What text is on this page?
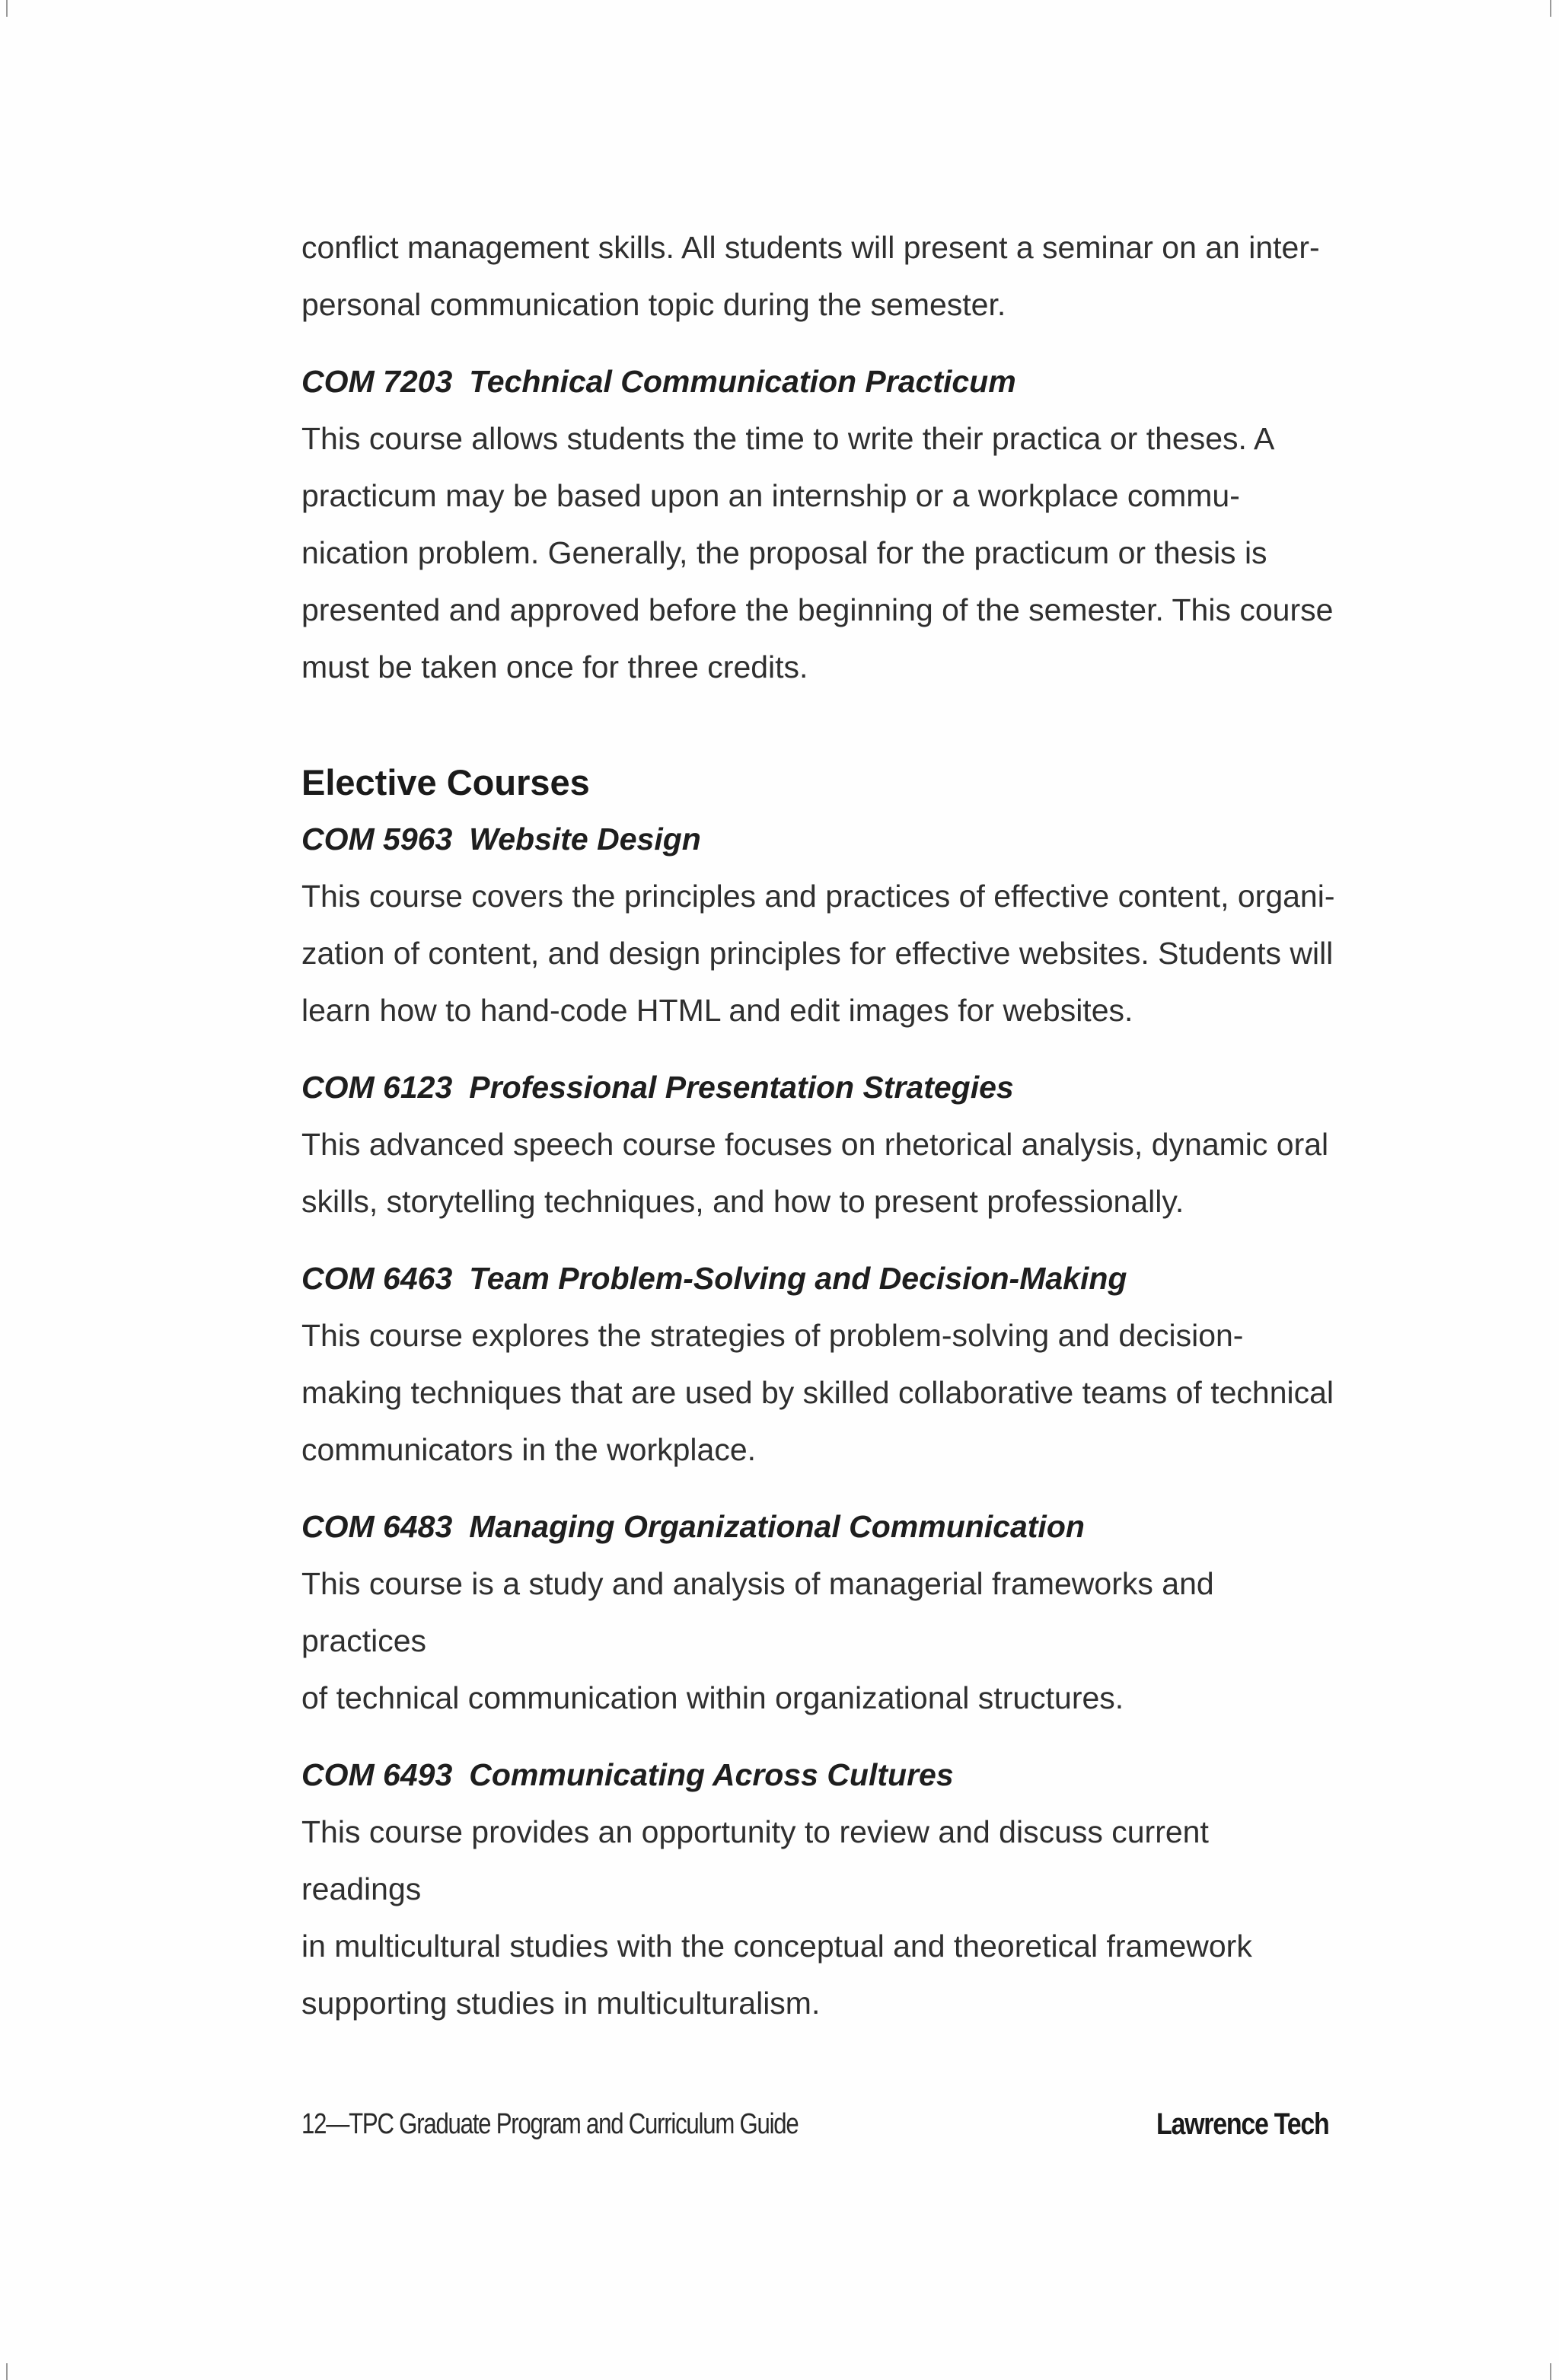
conflict management skills. All students will present a seminar on an inter-
personal communication topic during the semester.

COM 7203 Technical Communication Practicum

This course allows students the time to write their practica or theses. A
practicum may be based upon an internship or a workplace commu-
nication problem. Generally, the proposal for the practicum or thesis is
presented and approved before the beginning of the semester. This course
must be taken once for three credits.

Elective Courses

COM 5963 Website Design

This course covers the principles and practices of effective content, organi-
zation of content, and design principles for effective websites. Students will
learn how to hand-code HTML and edit images for websites.

COM 6123 Professional Presentation Strategies

This advanced speech course focuses on rhetorical analysis, dynamic oral
skills, storytelling techniques, and how to present professionally.

COM 6463 Team Problem-Solving and Decision-Making

This course explores the strategies of problem-solving and decision-
making techniques that are used by skilled collaborative teams of technical
communicators in the workplace.

COM 6483 Managing Organizational Communication

This course is a study and analysis of managerial frameworks and practices
of technical communication within organizational structures.

COM 6493 Communicating Across Cultures

This course provides an opportunity to review and discuss current readings
in multicultural studies with the conceptual and theoretical framework
supporting studies in multiculturalism.

12—TPC Graduate Program and Curriculum Guide	Lawrence Tech
